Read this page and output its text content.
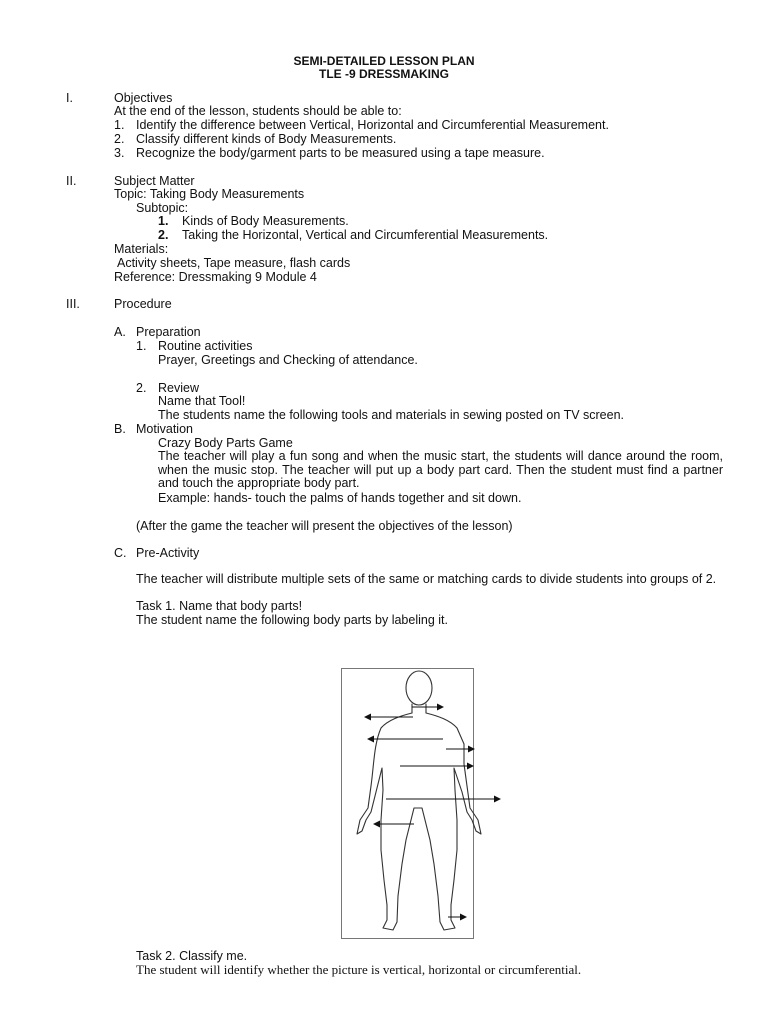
SEMI-DETAILED LESSON PLAN
TLE -9 DRESSMAKING
I.	Objectives
At the end of the lesson, students should be able to:
1. Identify the difference between Vertical, Horizontal and Circumferential Measurement.
2. Classify different kinds of Body Measurements.
3. Recognize the body/garment parts to be measured using a tape measure.
II.	Subject Matter
Topic: Taking Body Measurements
Subtopic:
1. Kinds of Body Measurements.
2. Taking the Horizontal, Vertical and Circumferential Measurements.
Materials:
Activity sheets, Tape measure, flash cards
Reference: Dressmaking 9 Module 4
III.	Procedure
A. Preparation
1. Routine activities
Prayer, Greetings and Checking of attendance.
2. Review
Name that Tool!
The students name the following tools and materials in sewing posted on TV screen.
B. Motivation
Crazy Body Parts Game
The teacher will play a fun song and when the music start, the students will dance around the room, when the music stop. The teacher will put up a body part card. Then the student must find a partner and touch the appropriate body part.
Example: hands- touch the palms of hands together and sit down.
(After the game the teacher will present the objectives of the lesson)
C. Pre-Activity
The teacher will distribute multiple sets of the same or matching cards to divide students into groups of 2.
Task 1. Name that body parts!
The student name the following body parts by labeling it.
Task 2. Classify me.
The student will identify whether the picture is vertical, horizontal or circumferential.
